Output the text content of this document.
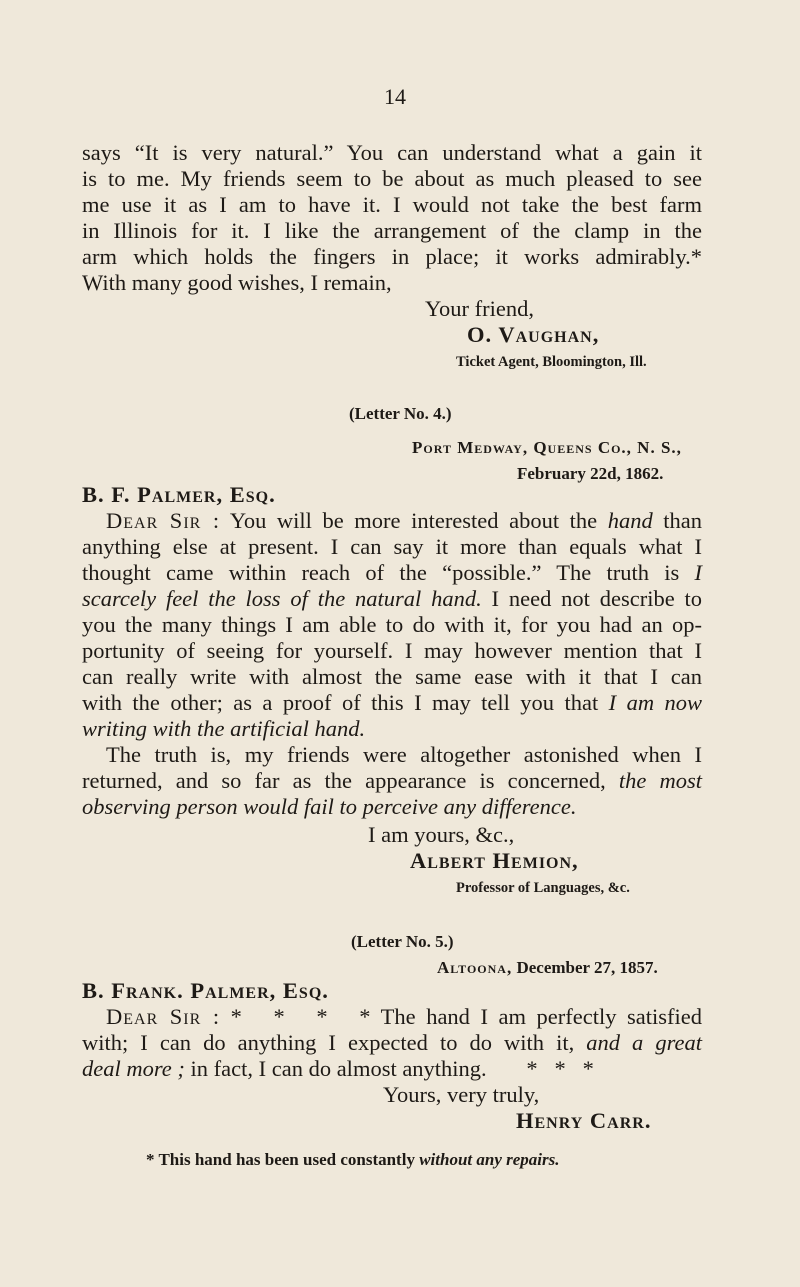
14
says “It is very natural.” You can understand what a gain it
is to me. My friends seem to be about as much pleased to see
me use it as I am to have it. I would not take the best farm
in Illinois for it. I like the arrangement of the clamp in the
arm which holds the fingers in place; it works admirably.*
With many good wishes, I remain,
Your friend,
O. Vaughan,
Ticket Agent, Bloomington, Ill.
(Letter No. 4.)
Port Medway, Queens Co., N. S.,
February 22d, 1862.
B. F. Palmer, Esq.
Dear Sir : You will be more interested about the hand than
anything else at present. I can say it more than equals what I
thought came within reach of the “possible.” The truth is I
scarcely feel the loss of the natural hand. I need not describe to
you the many things I am able to do with it, for you had an op-
portunity of seeing for yourself. I may however mention that I
can really write with almost the same ease with it that I can
with the other; as a proof of this I may tell you that I am now
writing with the artificial hand.
The truth is, my friends were altogether astonished when I
returned, and so far as the appearance is concerned, the most
observing person would fail to perceive any difference.
I am yours, &c.,
Albert Hemion,
Professor of Languages, &c.
(Letter No. 5.)
Altoona, December 27, 1857.
B. Frank. Palmer, Esq.
Dear Sir : *   *   *   * The hand I am perfectly satisfied
with; I can do anything I expected to do with it, and a great
deal more ; in fact, I can do almost anything. *   *   *
Yours, very truly,
Henry Carr.
* This hand has been used constantly without any repairs.
